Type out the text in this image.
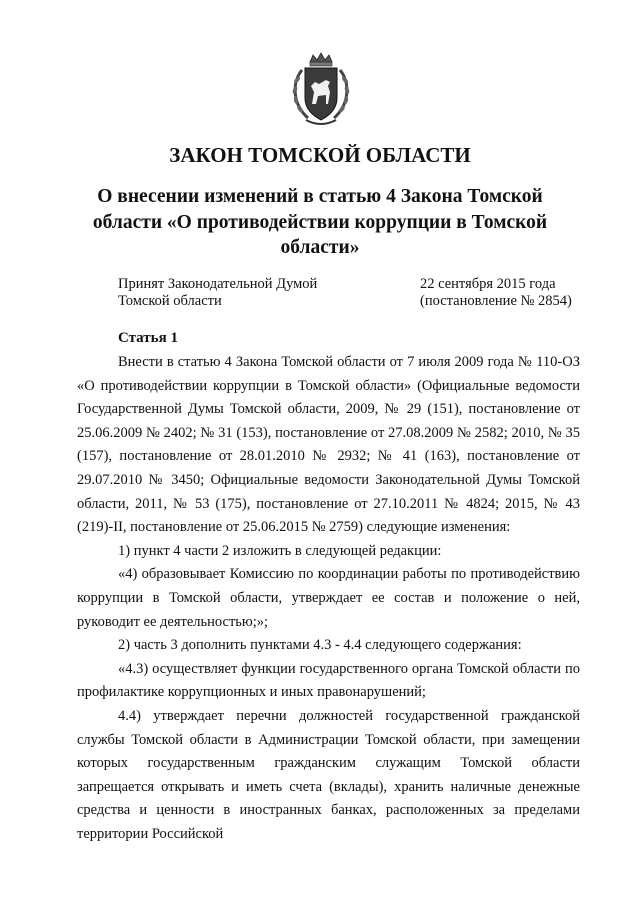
ЗАКОН ТОМСКОЙ ОБЛАСТИ
О внесении изменений в статью 4 Закона Томской области «О противодействии коррупции в Томской области»
Принят Законодательной Думой
Томской области
22 сентября 2015 года
(постановление № 2854)
Статья 1

Внести в статью 4 Закона Томской области от 7 июля 2009 года № 110-ОЗ «О противодействии коррупции в Томской области» (Официальные ведомости Государственной Думы Томской области, 2009, № 29 (151), постановление от 25.06.2009 № 2402; № 31 (153), постановление от 27.08.2009 № 2582; 2010, № 35 (157), постановление от 28.01.2010 № 2932; № 41 (163), постановление от 29.07.2010 № 3450; Официальные ведомости Законодательной Думы Томской области, 2011, № 53 (175), постановление от 27.10.2011 № 4824; 2015, № 43 (219)-II, постановление от 25.06.2015 № 2759) следующие изменения:

1) пункт 4 части 2 изложить в следующей редакции:

«4) образовывает Комиссию по координации работы по противодействию коррупции в Томской области, утверждает ее состав и положение о ней, руководит ее деятельностью;»;

2) часть 3 дополнить пунктами 4.3 - 4.4 следующего содержания:

«4.3) осуществляет функции государственного органа Томской области по профилактике коррупционных и иных правонарушений;

4.4) утверждает перечни должностей государственной гражданской службы Томской области в Администрации Томской области, при замещении которых государственным гражданским служащим Томской области запрещается открывать и иметь счета (вклады), хранить наличные денежные средства и ценности в иностранных банках, расположенных за пределами территории Российской
